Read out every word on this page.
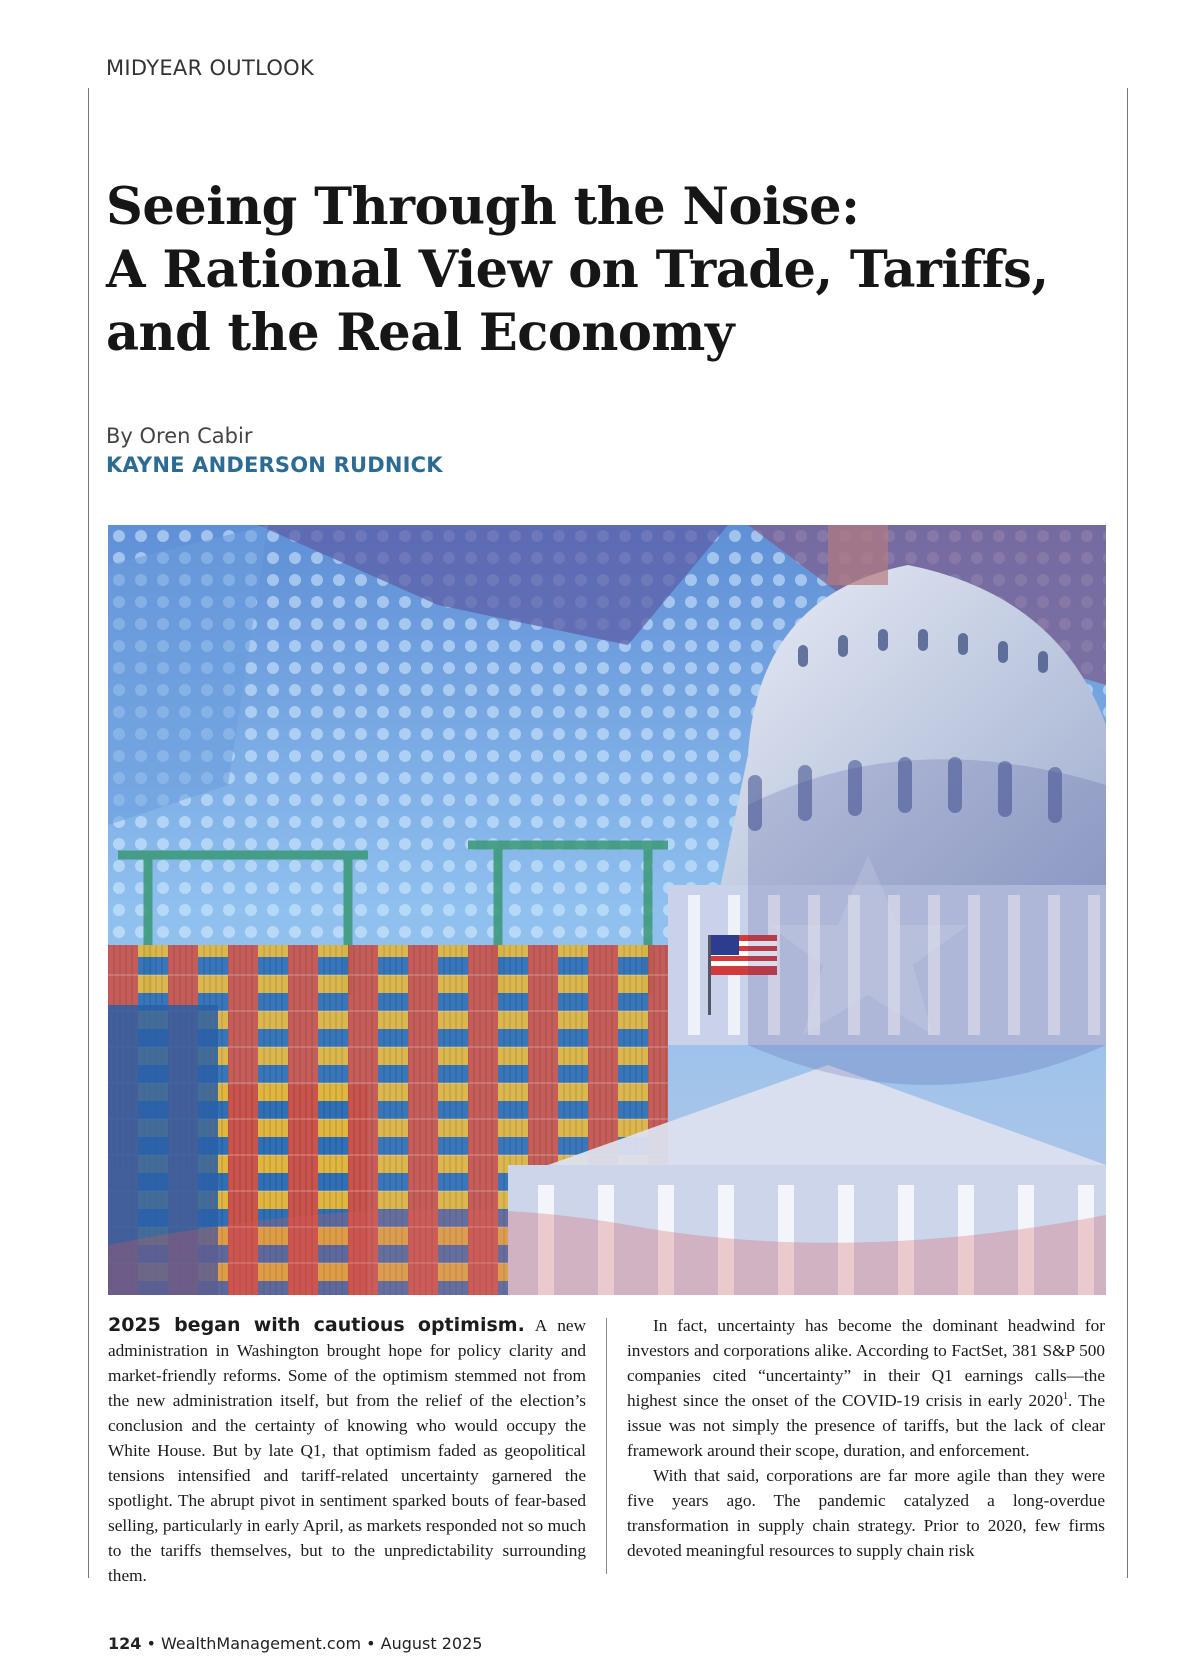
MIDYEAR OUTLOOK
Seeing Through the Noise:
A Rational View on Trade, Tariffs,
and the Real Economy
By Oren Cabir
KAYNE ANDERSON RUDNICK

2025 began with cautious optimism. A new administration in Washington brought hope for policy clarity and market-friendly reforms. Some of the optimism stemmed not from the new administration itself, but from the relief of the election’s conclusion and the certainty of knowing who would occupy the White House. But by late Q1, that optimism faded as geopolitical tensions intensified and tariff-related uncertainty garnered the spotlight. The abrupt pivot in sentiment sparked bouts of fear-based selling, particularly in early April, as markets responded not so much to the tariffs themselves, but to the unpredictability surrounding them.

In fact, uncertainty has become the dominant headwind for investors and corporations alike. According to FactSet, 381 S&P 500 companies cited “uncertainty” in their Q1 earnings calls—the highest since the onset of the COVID-19 crisis in early 2020$^1$. The issue was not simply the presence of tariffs, but the lack of clear framework around their scope, duration, and enforcement.

With that said, corporations are far more agile than they were five years ago. The pandemic catalyzed a long-overdue transformation in supply chain strategy. Prior to 2020, few firms devoted meaningful resources to supply chain risk

124 • WealthManagement.com • August 2025
